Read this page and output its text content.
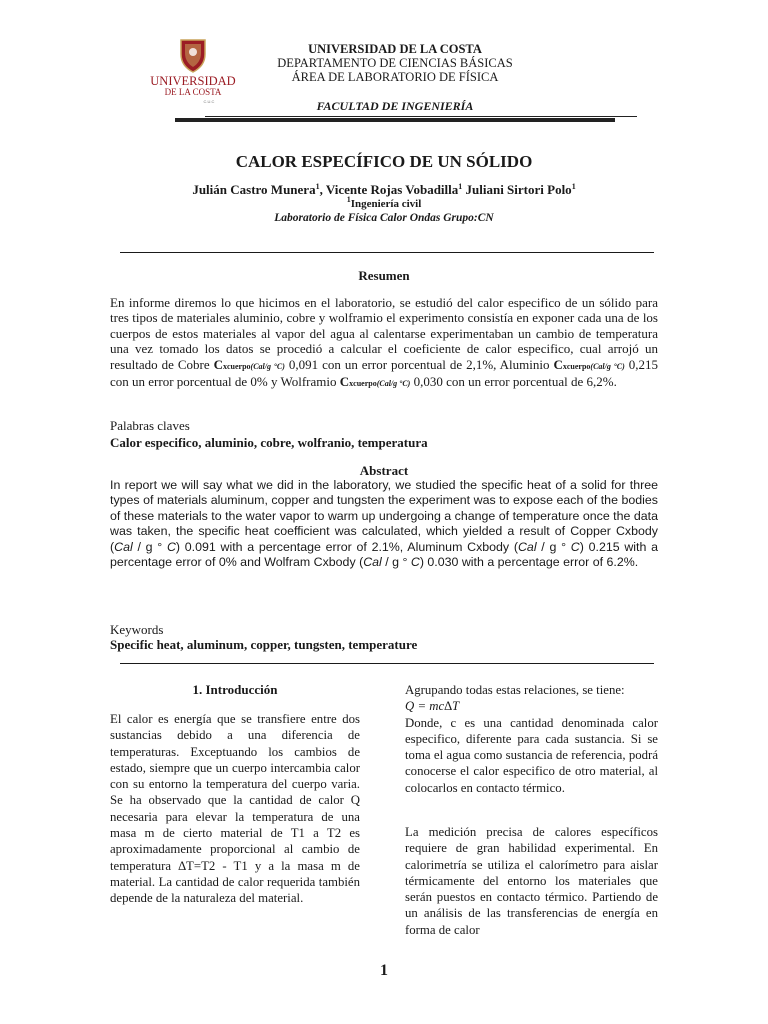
UNIVERSIDAD
DE LA COSTA
C.U.C
UNIVERSIDAD DE LA COSTA
DEPARTAMENTO DE CIENCIAS BÁSICAS
ÁREA DE LABORATORIO DE FÍSICA
FACULTAD DE INGENIERÍA
CALOR ESPECÍFICO DE UN SÓLIDO
Julián Castro Munera$^1$, Vicente Rojas Vobadilla$^1$ Juliani Sirtori Polo$^1$
$^1$Ingeniería civil
Laboratorio de Física Calor Ondas Grupo:CN
Resumen
En informe diremos lo que hicimos en el laboratorio, se estudió del calor especifico de un sólido para tres tipos de materiales aluminio, cobre y wolframio el experimento consistía en exponer cada una de los cuerpos de estos materiales al vapor del agua al calentarse experimentaban un cambio de temperatura una vez tomado los datos se procedió a calcular el coeficiente de calor especifico, cual arrojó un resultado de Cobre Cxcuerpo(Cal/g °C) 0,091 con un error porcentual de 2,1%, Aluminio Cxcuerpo(Cal/g °C) 0,215 con un error porcentual de 0% y Wolframio Cxcuerpo(Cal/g °C) 0,030 con un error porcentual de 6,2%.
Palabras claves
Calor especifico, aluminio, cobre, wolfranio, temperatura
Abstract
In report we will say what we did in the laboratory, we studied the specific heat of a solid for three types of materials aluminum, copper and tungsten the experiment was to expose each of the bodies of these materials to the water vapor to warm up undergoing a change of temperature once the data was taken, the specific heat coefficient was calculated, which yielded a result of Copper Cxbody (Cal / g ° C) 0.091 with a percentage error of 2.1%, Aluminum Cxbody (Cal / g ° C) 0.215 with a percentage error of 0% and Wolfram Cxbody (Cal / g ° C) 0.030 with a percentage error of 6.2%.
Keywords
Specific heat, aluminum, copper, tungsten, temperature
1. Introducción
El calor es energía que se transfiere entre dos sustancias debido a una diferencia de temperaturas. Exceptuando los cambios de estado, siempre que un cuerpo intercambia calor con su entorno la temperatura del cuerpo varia. Se ha observado que la cantidad de calor Q necesaria para elevar la temperatura de una masa m de cierto material de T1 a T2 es aproximadamente proporcional al cambio de temperatura ∆T=T2 - T1 y a la masa m de material. La cantidad de calor requerida también depende de la naturaleza del material.
Agrupando todas estas relaciones, se tiene:
Q = mc∆T
Donde, c es una cantidad denominada calor especifico, diferente para cada sustancia. Si se toma el agua como sustancia de referencia, podrá conocerse el calor especifico de otro material, al colocarlos en contacto térmico.
La medición precisa de calores específicos requiere de gran habilidad experimental. En calorimetría se utiliza el calorímetro para aislar térmicamente del entorno los materiales que serán puestos en contacto térmico. Partiendo de un análisis de las transferencias de energía en forma de calor
1
